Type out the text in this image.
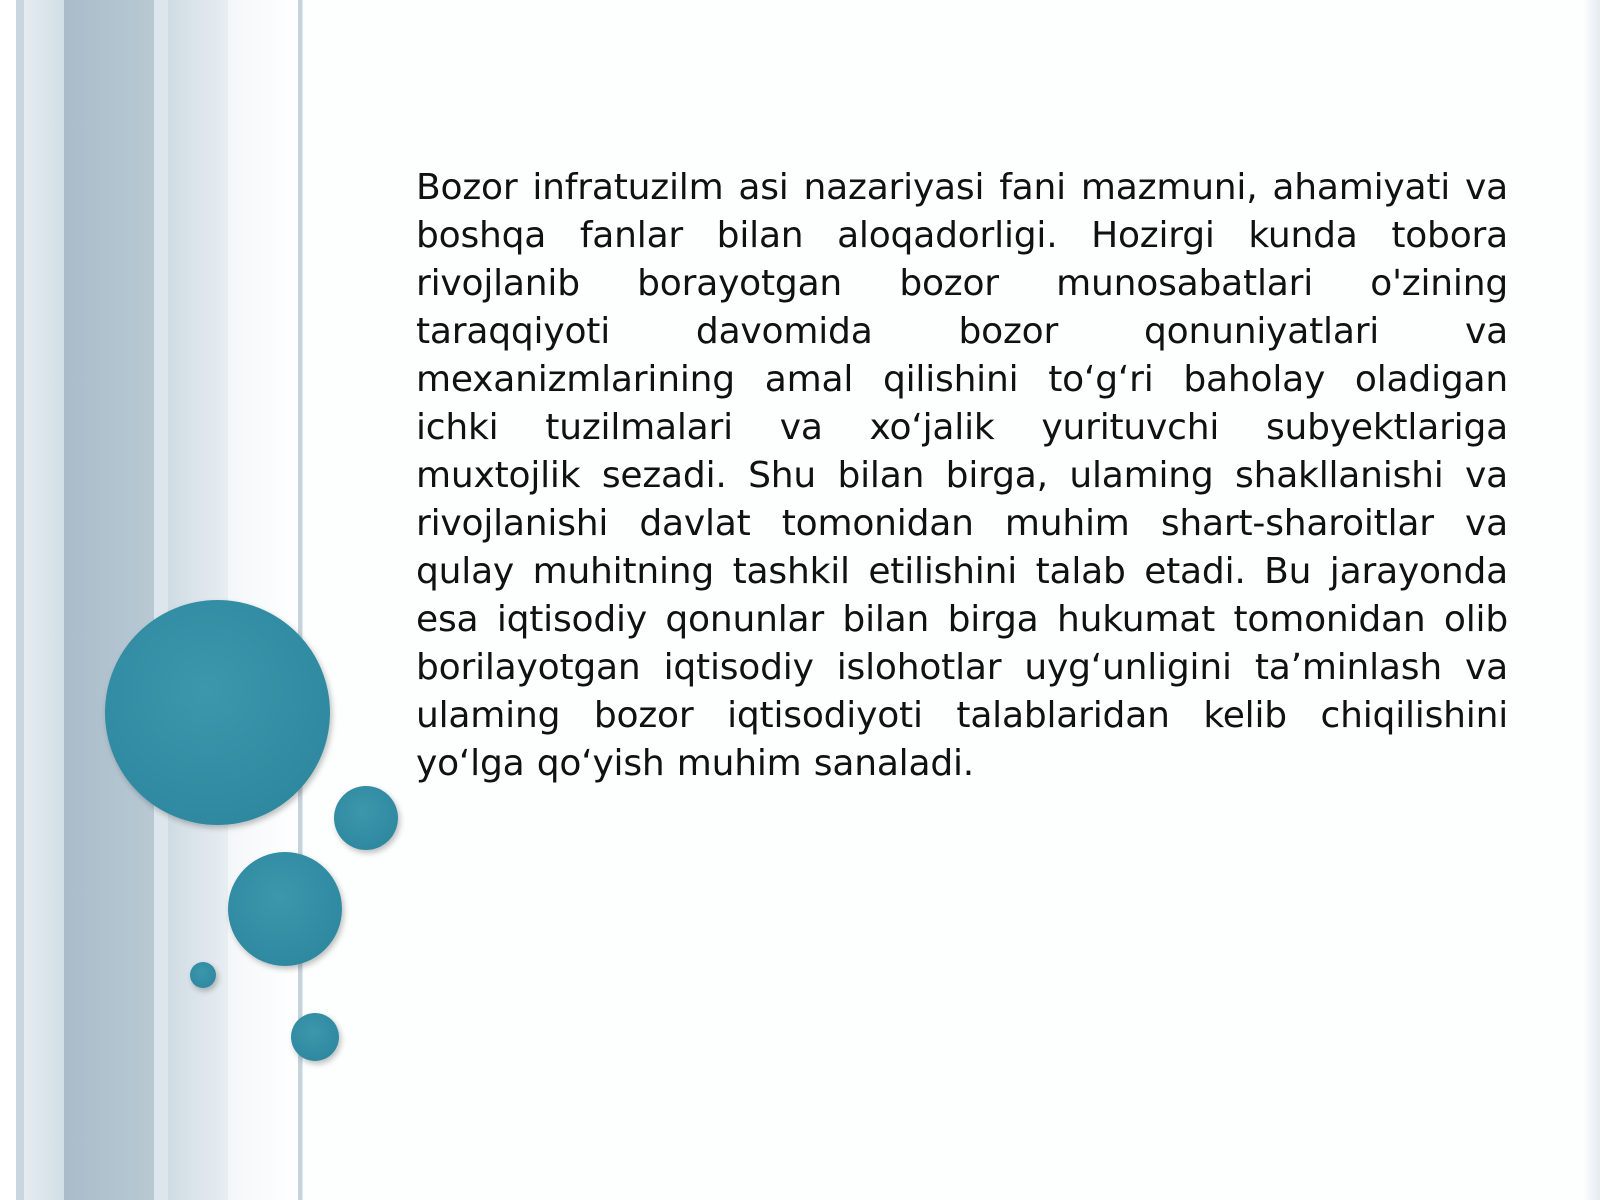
Bozor infratuzilm asi nazariyasi fani mazmuni, ahamiyati va boshqa fanlar bilan aloqadorligi. Hozirgi kunda tobora rivojlanib borayotgan bozor munosabatlari o'zining taraqqiyoti davomida bozor qonuniyatlari va mexanizmlarining amal qilishini to‘g‘ri baholay oladigan ichki tuzilmalari va xo‘jalik yurituvchi subyektlariga muxtojlik sezadi. Shu bilan birga, ulaming shakllanishi va rivojlanishi davlat tomonidan muhim shart-sharoitlar va qulay muhitning tashkil etilishini talab etadi. Bu jarayonda esa iqtisodiy qonunlar bilan birga hukumat tomonidan olib borilayotgan iqtisodiy islohotlar uyg‘unligini ta’minlash va ulaming bozor iqtisodiyoti talablaridan kelib chiqilishini yo‘lga qo‘yish muhim sanaladi.
